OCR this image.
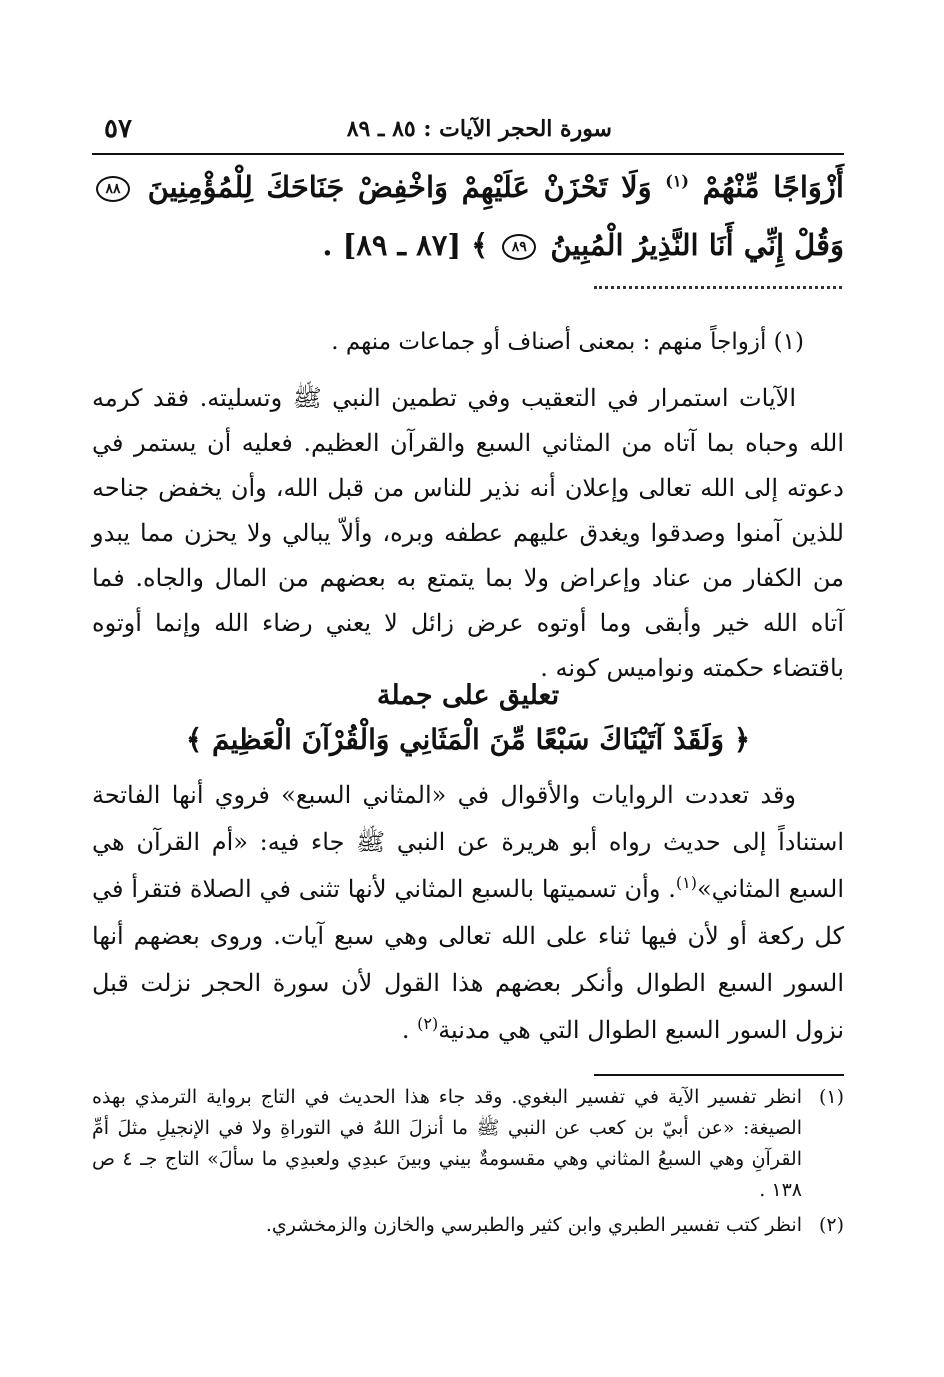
سورة الحجر الآيات : ٨٥ ـ ٨٩
٥٧
أَزْوَاجًا مِّنْهُمْ $^{(١)}$ وَلَا تَحْزَنْ عَلَيْهِمْ وَاخْفِضْ جَنَاحَكَ لِلْمُؤْمِنِينَ ٨٨ وَقُلْ إِنِّي أَنَا النَّذِيرُ الْمُبِينُ ٨٩ ﴾ [٨٧ ـ ٨٩] .
(١) أزواجاً منهم : بمعنى أصناف أو جماعات منهم .

الآيات استمرار في التعقيب وفي تطمين النبي ﷺ وتسليته. فقد كرمه الله وحباه بما آتاه من المثاني السبع والقرآن العظيم. فعليه أن يستمر في دعوته إلى الله تعالى وإعلان أنه نذير للناس من قبل الله، وأن يخفض جناحه للذين آمنوا وصدقوا ويغدق عليهم عطفه وبره، وألاّ يبالي ولا يحزن مما يبدو من الكفار من عناد وإعراض ولا بما يتمتع به بعضهم من المال والجاه. فما آتاه الله خير وأبقى وما أوتوه عرض زائل لا يعني رضاء الله وإنما أوتوه باقتضاء حكمته ونواميس كونه .

تعليق على جملة
﴿ وَلَقَدْ آتَيْنَاكَ سَبْعًا مِّنَ الْمَثَانِي وَالْقُرْآنَ الْعَظِيمَ ﴾

وقد تعددت الروايات والأقوال في «المثاني السبع» فروي أنها الفاتحة استناداً إلى حديث رواه أبو هريرة عن النبي ﷺ جاء فيه: «أم القرآن هي السبع المثاني»$^{(١)}$. وأن تسميتها بالسبع المثاني لأنها تثنى في الصلاة فتقرأ في كل ركعة أو لأن فيها ثناء على الله تعالى وهي سبع آيات. وروى بعضهم أنها السور السبع الطوال وأنكر بعضهم هذا القول لأن سورة الحجر نزلت قبل نزول السور السبع الطوال التي هي مدنية$^{(٢)}$ .

(١)
انظر تفسير الآية في تفسير البغوي. وقد جاء هذا الحديث في التاج برواية الترمذي بهذه الصيغة: «عن أبيّ بن كعب عن النبي ﷺ ما أنزلَ اللهُ في التوراةِ ولا في الإنجيلِ مثلَ أمِّ القرآنِ وهي السبعُ المثاني وهي مقسومةٌ بيني وبينَ عبدِي ولعبدِي ما سألَ» التاج جـ ٤ ص ١٣٨ .
(٢)
انظر كتب تفسير الطبري وابن كثير والطبرسي والخازن والزمخشري.
